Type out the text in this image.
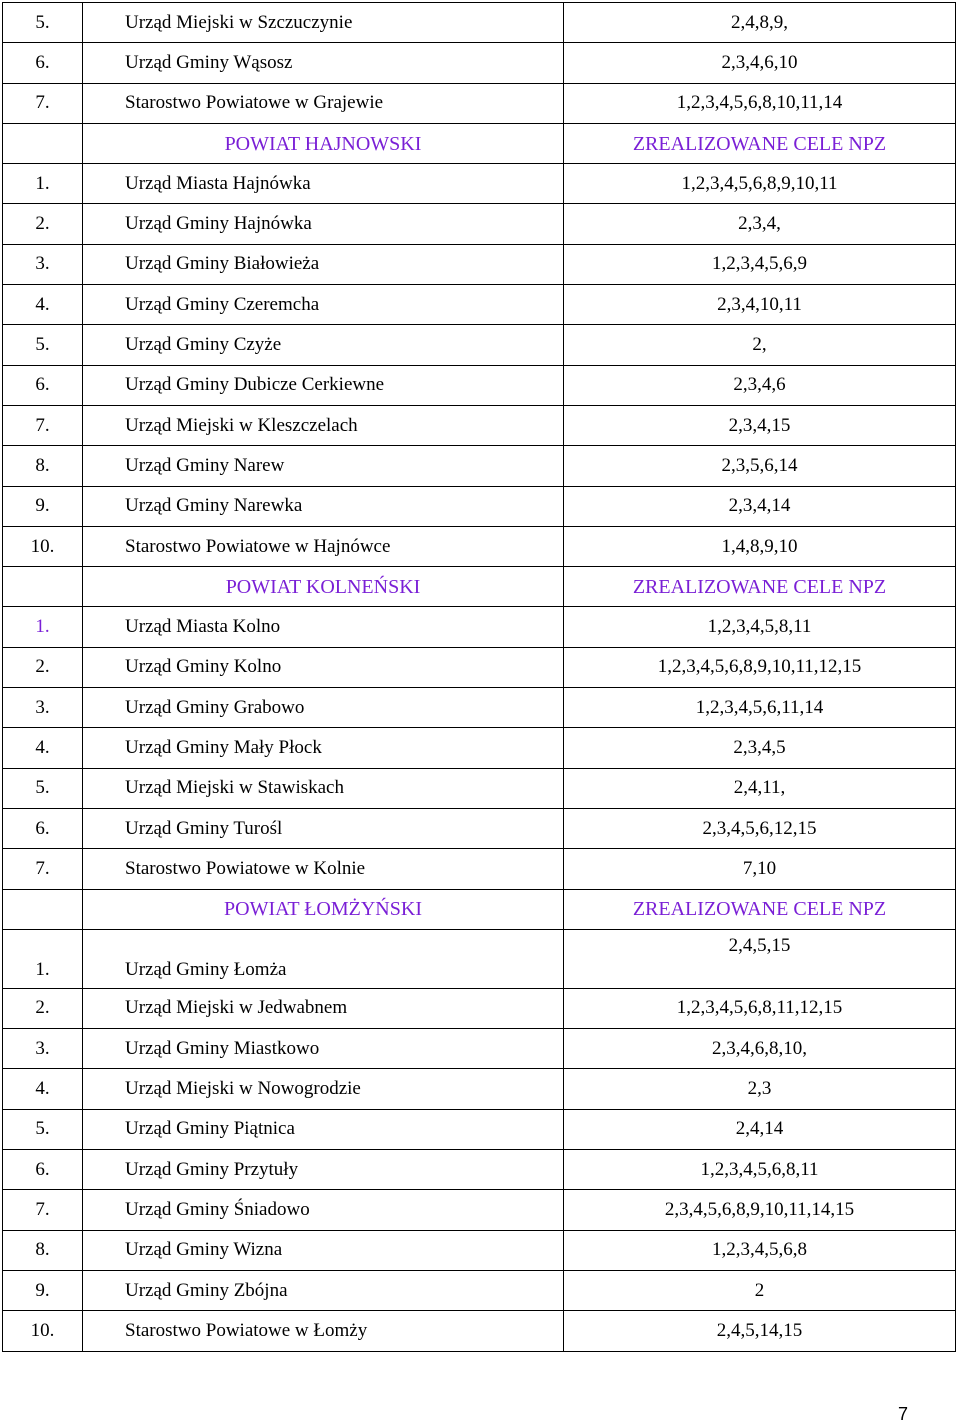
5.	Urząd Miejski w Szczuczynie	2,4,8,9,
6.	Urząd Gminy Wąsosz	2,3,4,6,10
7.	Starostwo Powiatowe w Grajewie	1,2,3,4,5,6,8,10,11,14
	POWIAT HAJNOWSKI	ZREALIZOWANE CELE NPZ
1.	Urząd Miasta Hajnówka	1,2,3,4,5,6,8,9,10,11
2.	Urząd Gminy Hajnówka	2,3,4,
3.	Urząd Gminy Białowieża	1,2,3,4,5,6,9
4.	Urząd Gminy Czeremcha	2,3,4,10,11
5.	Urząd Gminy Czyże	2,
6.	Urząd Gminy Dubicze Cerkiewne	2,3,4,6
7.	Urząd Miejski w Kleszczelach	2,3,4,15
8.	Urząd Gminy Narew	2,3,5,6,14
9.	Urząd Gminy Narewka	2,3,4,14
10.	Starostwo Powiatowe w Hajnówce	1,4,8,9,10
	POWIAT KOLNEŃSKI	ZREALIZOWANE CELE NPZ
1.	Urząd Miasta Kolno	1,2,3,4,5,8,11
2.	Urząd Gminy Kolno	1,2,3,4,5,6,8,9,10,11,12,15
3.	Urząd Gminy Grabowo	1,2,3,4,5,6,11,14
4.	Urząd Gminy Mały Płock	2,3,4,5
5.	Urząd Miejski w Stawiskach	2,4,11,
6.	Urząd Gminy Turośl	2,3,4,5,6,12,15
7.	Starostwo Powiatowe w Kolnie	7,10
	POWIAT ŁOMŻYŃSKI	ZREALIZOWANE CELE NPZ
1.	Urząd Gminy Łomża	2,4,5,15
2.	Urząd Miejski w Jedwabnem	1,2,3,4,5,6,8,11,12,15
3.	Urząd Gminy Miastkowo	2,3,4,6,8,10,
4.	Urząd Miejski w Nowogrodzie	2,3
5.	Urząd Gminy Piątnica	2,4,14
6.	Urząd Gminy Przytuły	1,2,3,4,5,6,8,11
7.	Urząd Gminy Śniadowo	2,3,4,5,6,8,9,10,11,14,15
8.	Urząd Gminy Wizna	1,2,3,4,5,6,8
9.	Urząd Gminy Zbójna	2
10.	Starostwo Powiatowe w Łomży	2,4,5,14,15
7
